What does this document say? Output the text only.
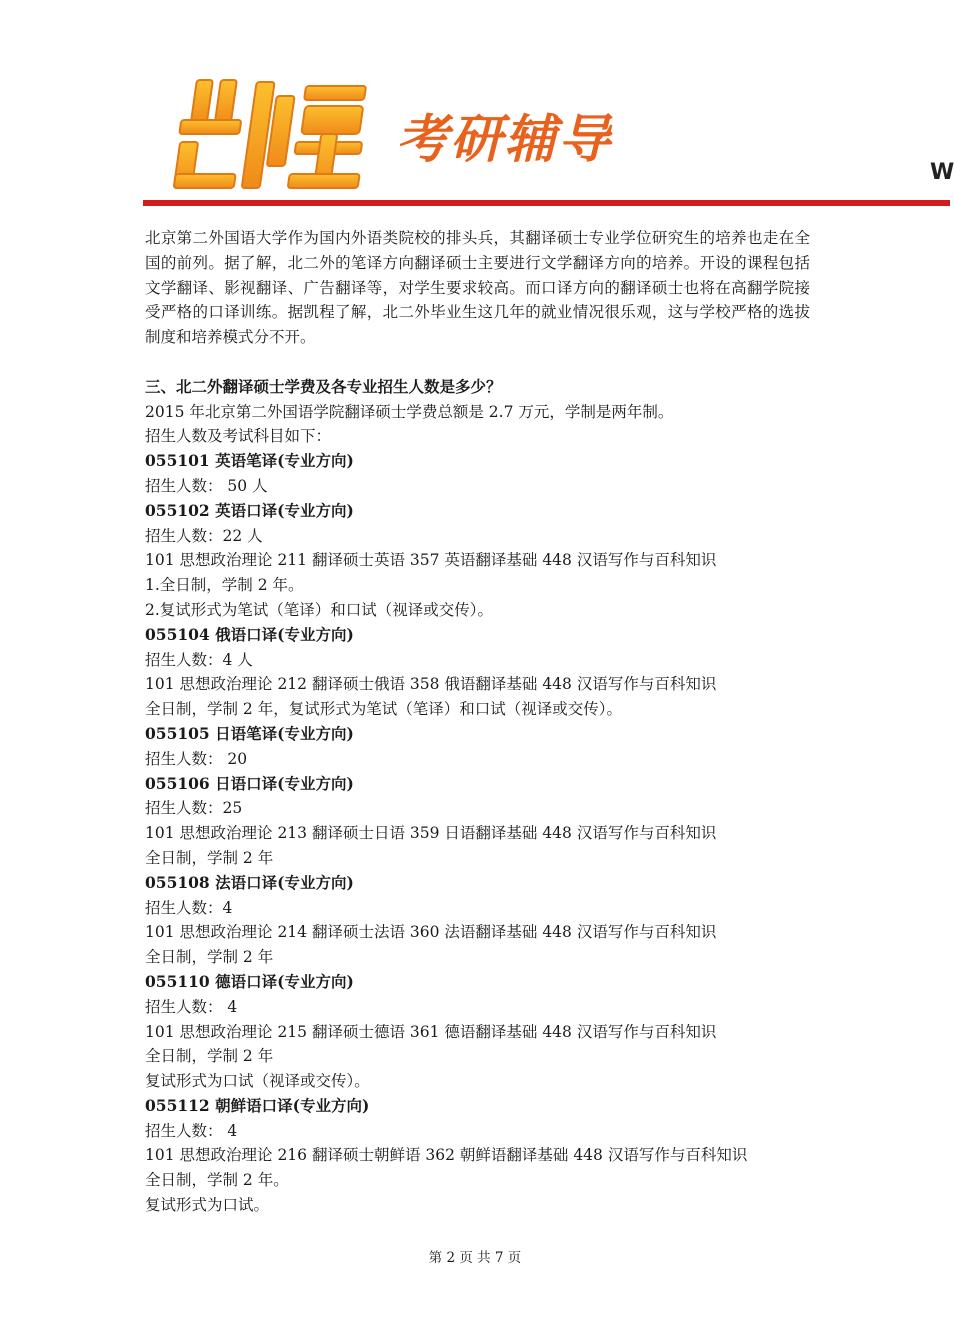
凯程
考研辅导
W

北京第二外国语大学作为国内外语类院校的排头兵，其翻译硕士专业学位研究生的培养也走在全国的前列。据了解，北二外的笔译方向翻译硕士主要进行文学翻译方向的培养。开设的课程包括文学翻译、影视翻译、广告翻译等，对学生要求较高。而口译方向的翻译硕士也将在高翻学院接受严格的口译训练。据凯程了解，北二外毕业生这几年的就业情况很乐观，这与学校严格的选拔制度和培养模式分不开。

三、北二外翻译硕士学费及各专业招生人数是多少？

2015 年北京第二外国语学院翻译硕士学费总额是 2.7 万元，学制是两年制。

招生人数及考试科目如下：

055101 英语笔译(专业方向)

招生人数： 50 人

055102 英语口译(专业方向)

招生人数：22 人

101 思想政治理论 211 翻译硕士英语 357 英语翻译基础 448 汉语写作与百科知识

1.全日制，学制 2 年。

2.复试形式为笔试（笔译）和口试（视译或交传）。

055104 俄语口译(专业方向)

招生人数：4 人

101 思想政治理论 212 翻译硕士俄语 358 俄语翻译基础 448 汉语写作与百科知识

全日制，学制 2 年，复试形式为笔试（笔译）和口试（视译或交传）。

055105 日语笔译(专业方向)

招生人数： 20

055106 日语口译(专业方向)

招生人数：25

101 思想政治理论 213 翻译硕士日语 359 日语翻译基础 448 汉语写作与百科知识

全日制，学制 2 年

055108 法语口译(专业方向)

招生人数：4

101 思想政治理论 214 翻译硕士法语 360 法语翻译基础 448 汉语写作与百科知识

全日制，学制 2 年

055110 德语口译(专业方向)

招生人数： 4

101 思想政治理论 215 翻译硕士德语 361 德语翻译基础 448 汉语写作与百科知识

全日制，学制 2 年

复试形式为口试（视译或交传）。

055112 朝鲜语口译(专业方向)

招生人数： 4

101 思想政治理论 216 翻译硕士朝鲜语 362 朝鲜语翻译基础 448 汉语写作与百科知识

全日制，学制 2 年。

复试形式为口试。

第 2 页 共 7 页
